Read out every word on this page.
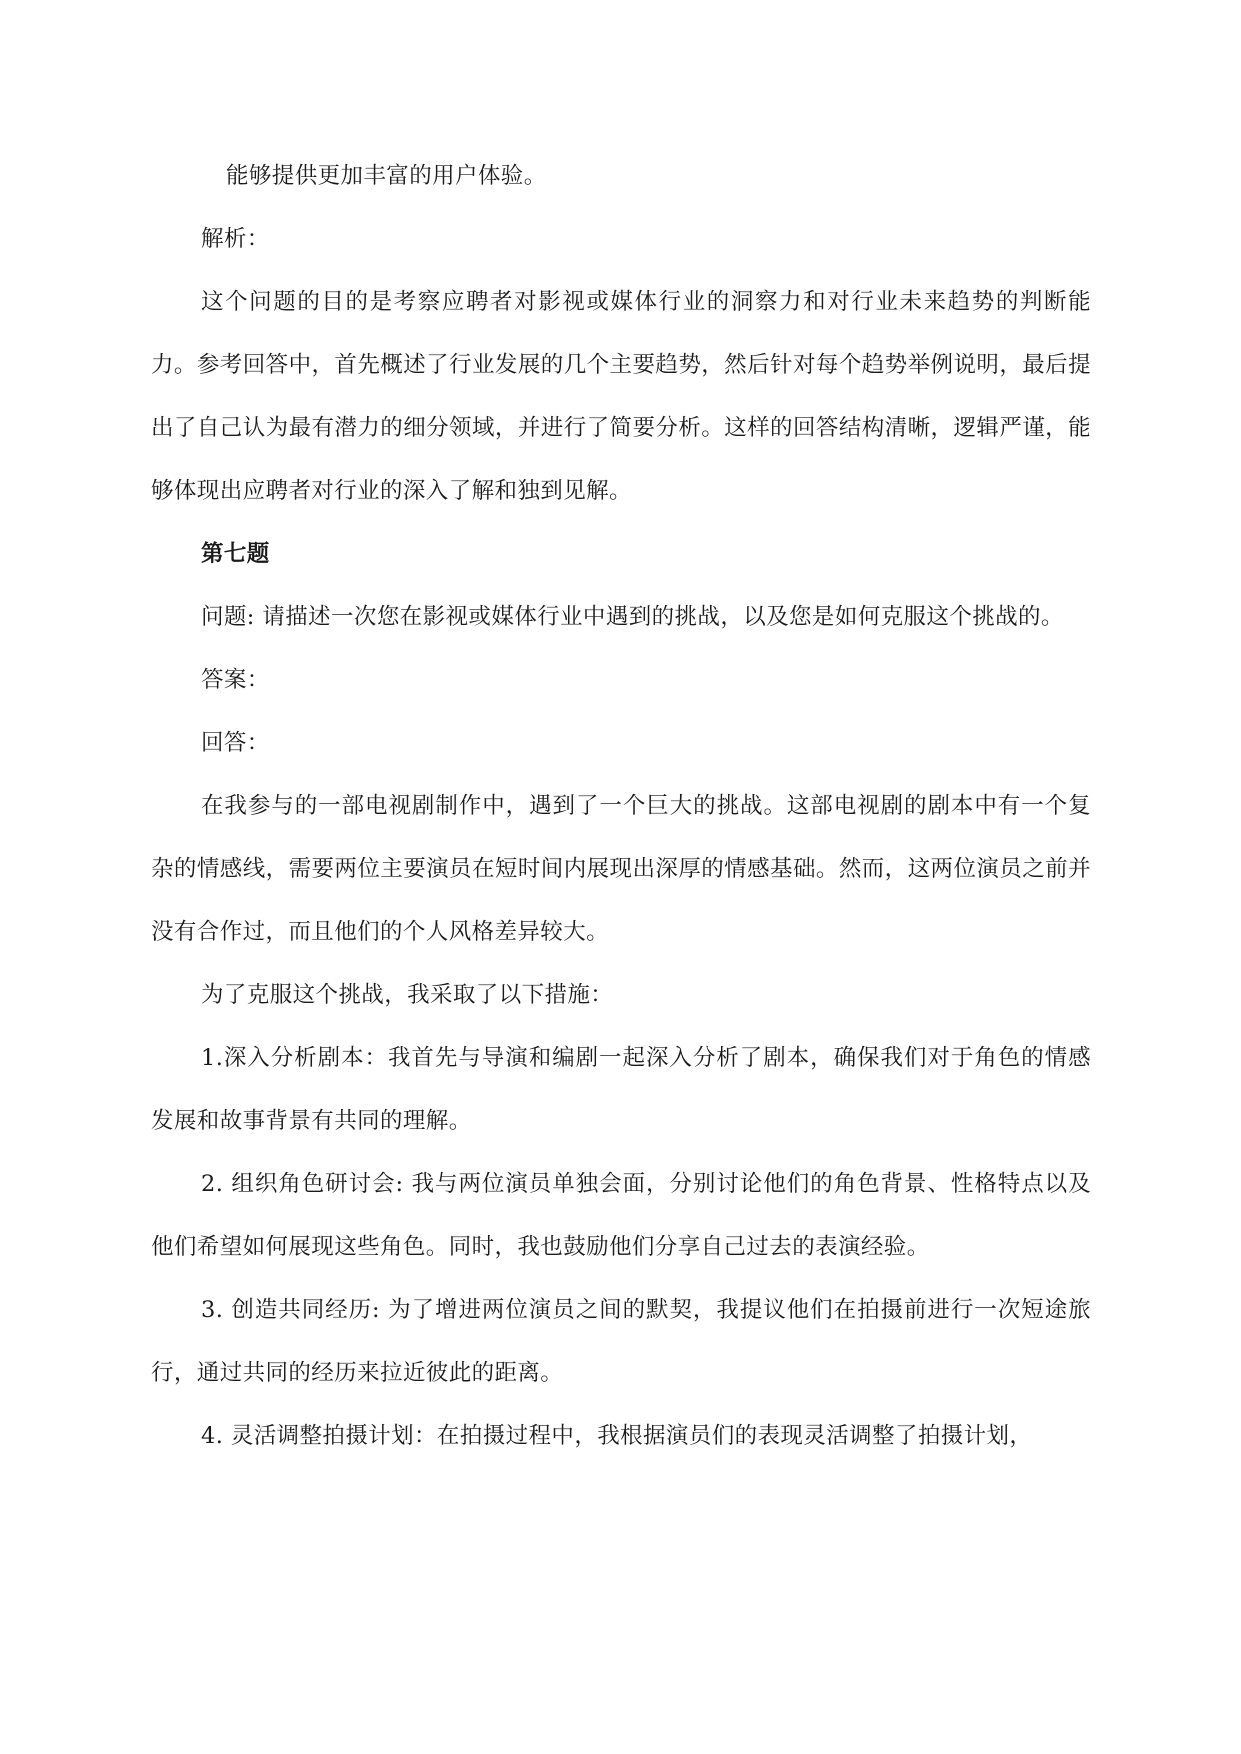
能够提供更加丰富的用户体验。

解析：

这个问题的目的是考察应聘者对影视或媒体行业的洞察力和对行业未来趋势的判断能力。参考回答中，首先概述了行业发展的几个主要趋势，然后针对每个趋势举例说明，最后提出了自己认为最有潜力的细分领域，并进行了简要分析。这样的回答结构清晰，逻辑严谨，能够体现出应聘者对行业的深入了解和独到见解。

第七题

问题: 请描述一次您在影视或媒体行业中遇到的挑战，以及您是如何克服这个挑战的。

答案：

回答：

在我参与的一部电视剧制作中，遇到了一个巨大的挑战。这部电视剧的剧本中有一个复杂的情感线，需要两位主要演员在短时间内展现出深厚的情感基础。然而，这两位演员之前并没有合作过，而且他们的个人风格差异较大。

为了克服这个挑战，我采取了以下措施：

1.深入分析剧本：我首先与导演和编剧一起深入分析了剧本，确保我们对于角色的情感发展和故事背景有共同的理解。

2. 组织角色研讨会: 我与两位演员单独会面，分别讨论他们的角色背景、性格特点以及他们希望如何展现这些角色。同时，我也鼓励他们分享自己过去的表演经验。

3. 创造共同经历: 为了增进两位演员之间的默契，我提议他们在拍摄前进行一次短途旅行，通过共同的经历来拉近彼此的距离。

4. 灵活调整拍摄计划：在拍摄过程中，我根据演员们的表现灵活调整了拍摄计划，
